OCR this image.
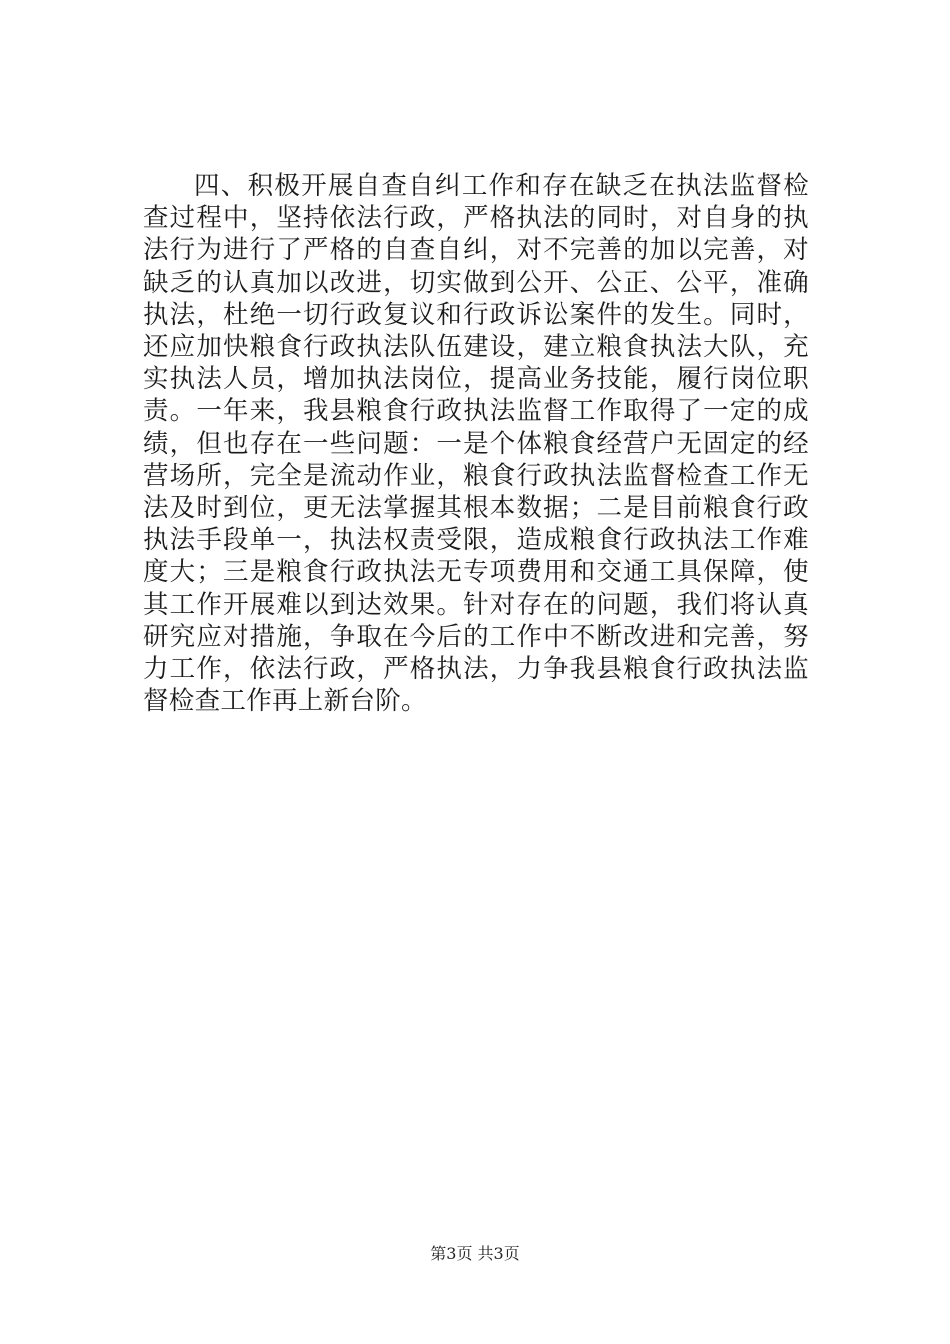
四、积极开展自查自纠工作和存在缺乏在执法监督检查过程中，坚持依法行政，严格执法的同时，对自身的执法行为进行了严格的自查自纠，对不完善的加以完善，对缺乏的认真加以改进，切实做到公开、公正、公平，准确执法，杜绝一切行政复议和行政诉讼案件的发生。同时，还应加快粮食行政执法队伍建设，建立粮食执法大队，充实执法人员，增加执法岗位，提高业务技能，履行岗位职责。一年来，我县粮食行政执法监督工作取得了一定的成绩，但也存在一些问题：一是个体粮食经营户无固定的经营场所，完全是流动作业，粮食行政执法监督检查工作无法及时到位，更无法掌握其根本数据；二是目前粮食行政执法手段单一，执法权责受限，造成粮食行政执法工作难度大；三是粮食行政执法无专项费用和交通工具保障，使其工作开展难以到达效果。针对存在的问题，我们将认真研究应对措施，争取在今后的工作中不断改进和完善，努力工作，依法行政，严格执法，力争我县粮食行政执法监督检查工作再上新台阶。

第3页 共3页
